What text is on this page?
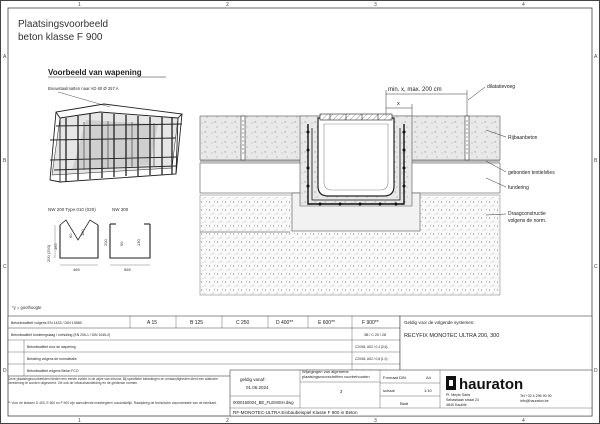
A
B
C
D
A
B
C
D
1	2	3	4
1	2	3	4
Plaatsingsvoorbeeld
beton klasse F 900
Voorbeeld van wapening
Bouwstaalmatten naar AD 60 Ø 257 A
NW 200 Type 010 (020)
200 (250) 165
60 100
465
NW 300
200	90	130
565
*y = goothoogte
min. x, max. 200 cm
x
dilatatievoeg
Rijbaanbeton
gebonden textielvlies
fundering
Draagconstructie
volgens de norm.
Betonkwaliteit volgens EN 1433 / DIN 19580	A 15	B 125	C 250	D 400**	E 600**	F 900**
Betonkwaliteit funderingslaag / omhulling (EN 206-1 / DIN 1045-2)	3B / C 20 / 28
Betonkwaliteit voor de wapening	C20/45, AS2 / 0,4 (0,6)
Bekisting volgens de normdetails	C20/45, AS2 / 0,8 (1,0)
Betonkwaliteit volgens Beton FCO
Deze plaatsingsvoorbeelden bieden een eerste inzicht in de wijze van inbouw. Bij specifieke belastingen en omstandigheden dient een statische berekening te worden uitgevoerd. Zie ook de inbouwhandleiding en de geldende normen.
** Voor de klassen D 400, E 600 en F 900 zijn aanvullende maatregelen noodzakelijk. Raadpleeg de technische documentatie van de fabrikant.
Geldig voor de volgende systemen:
RECYFIX MONOTEC ULTRA 200, 300
geldig vanaf:
01.06.2024
0000150004_BE_FLEMISH.dwg
Wijzigingen van algemene plaatsingsvoorschriften voorbehouden	Formaat DIN	A4
schaal	1:10
3
Blatt
hauraton
Pl. Meyts Sarts
Sebastiaan straat 24
4840 Kaulille
Tel +32 4 296 90 90
info@hauraton.be
RF-MONOTEC-ULTRA Einbaubeispiel Klasse F 900 in Beton
